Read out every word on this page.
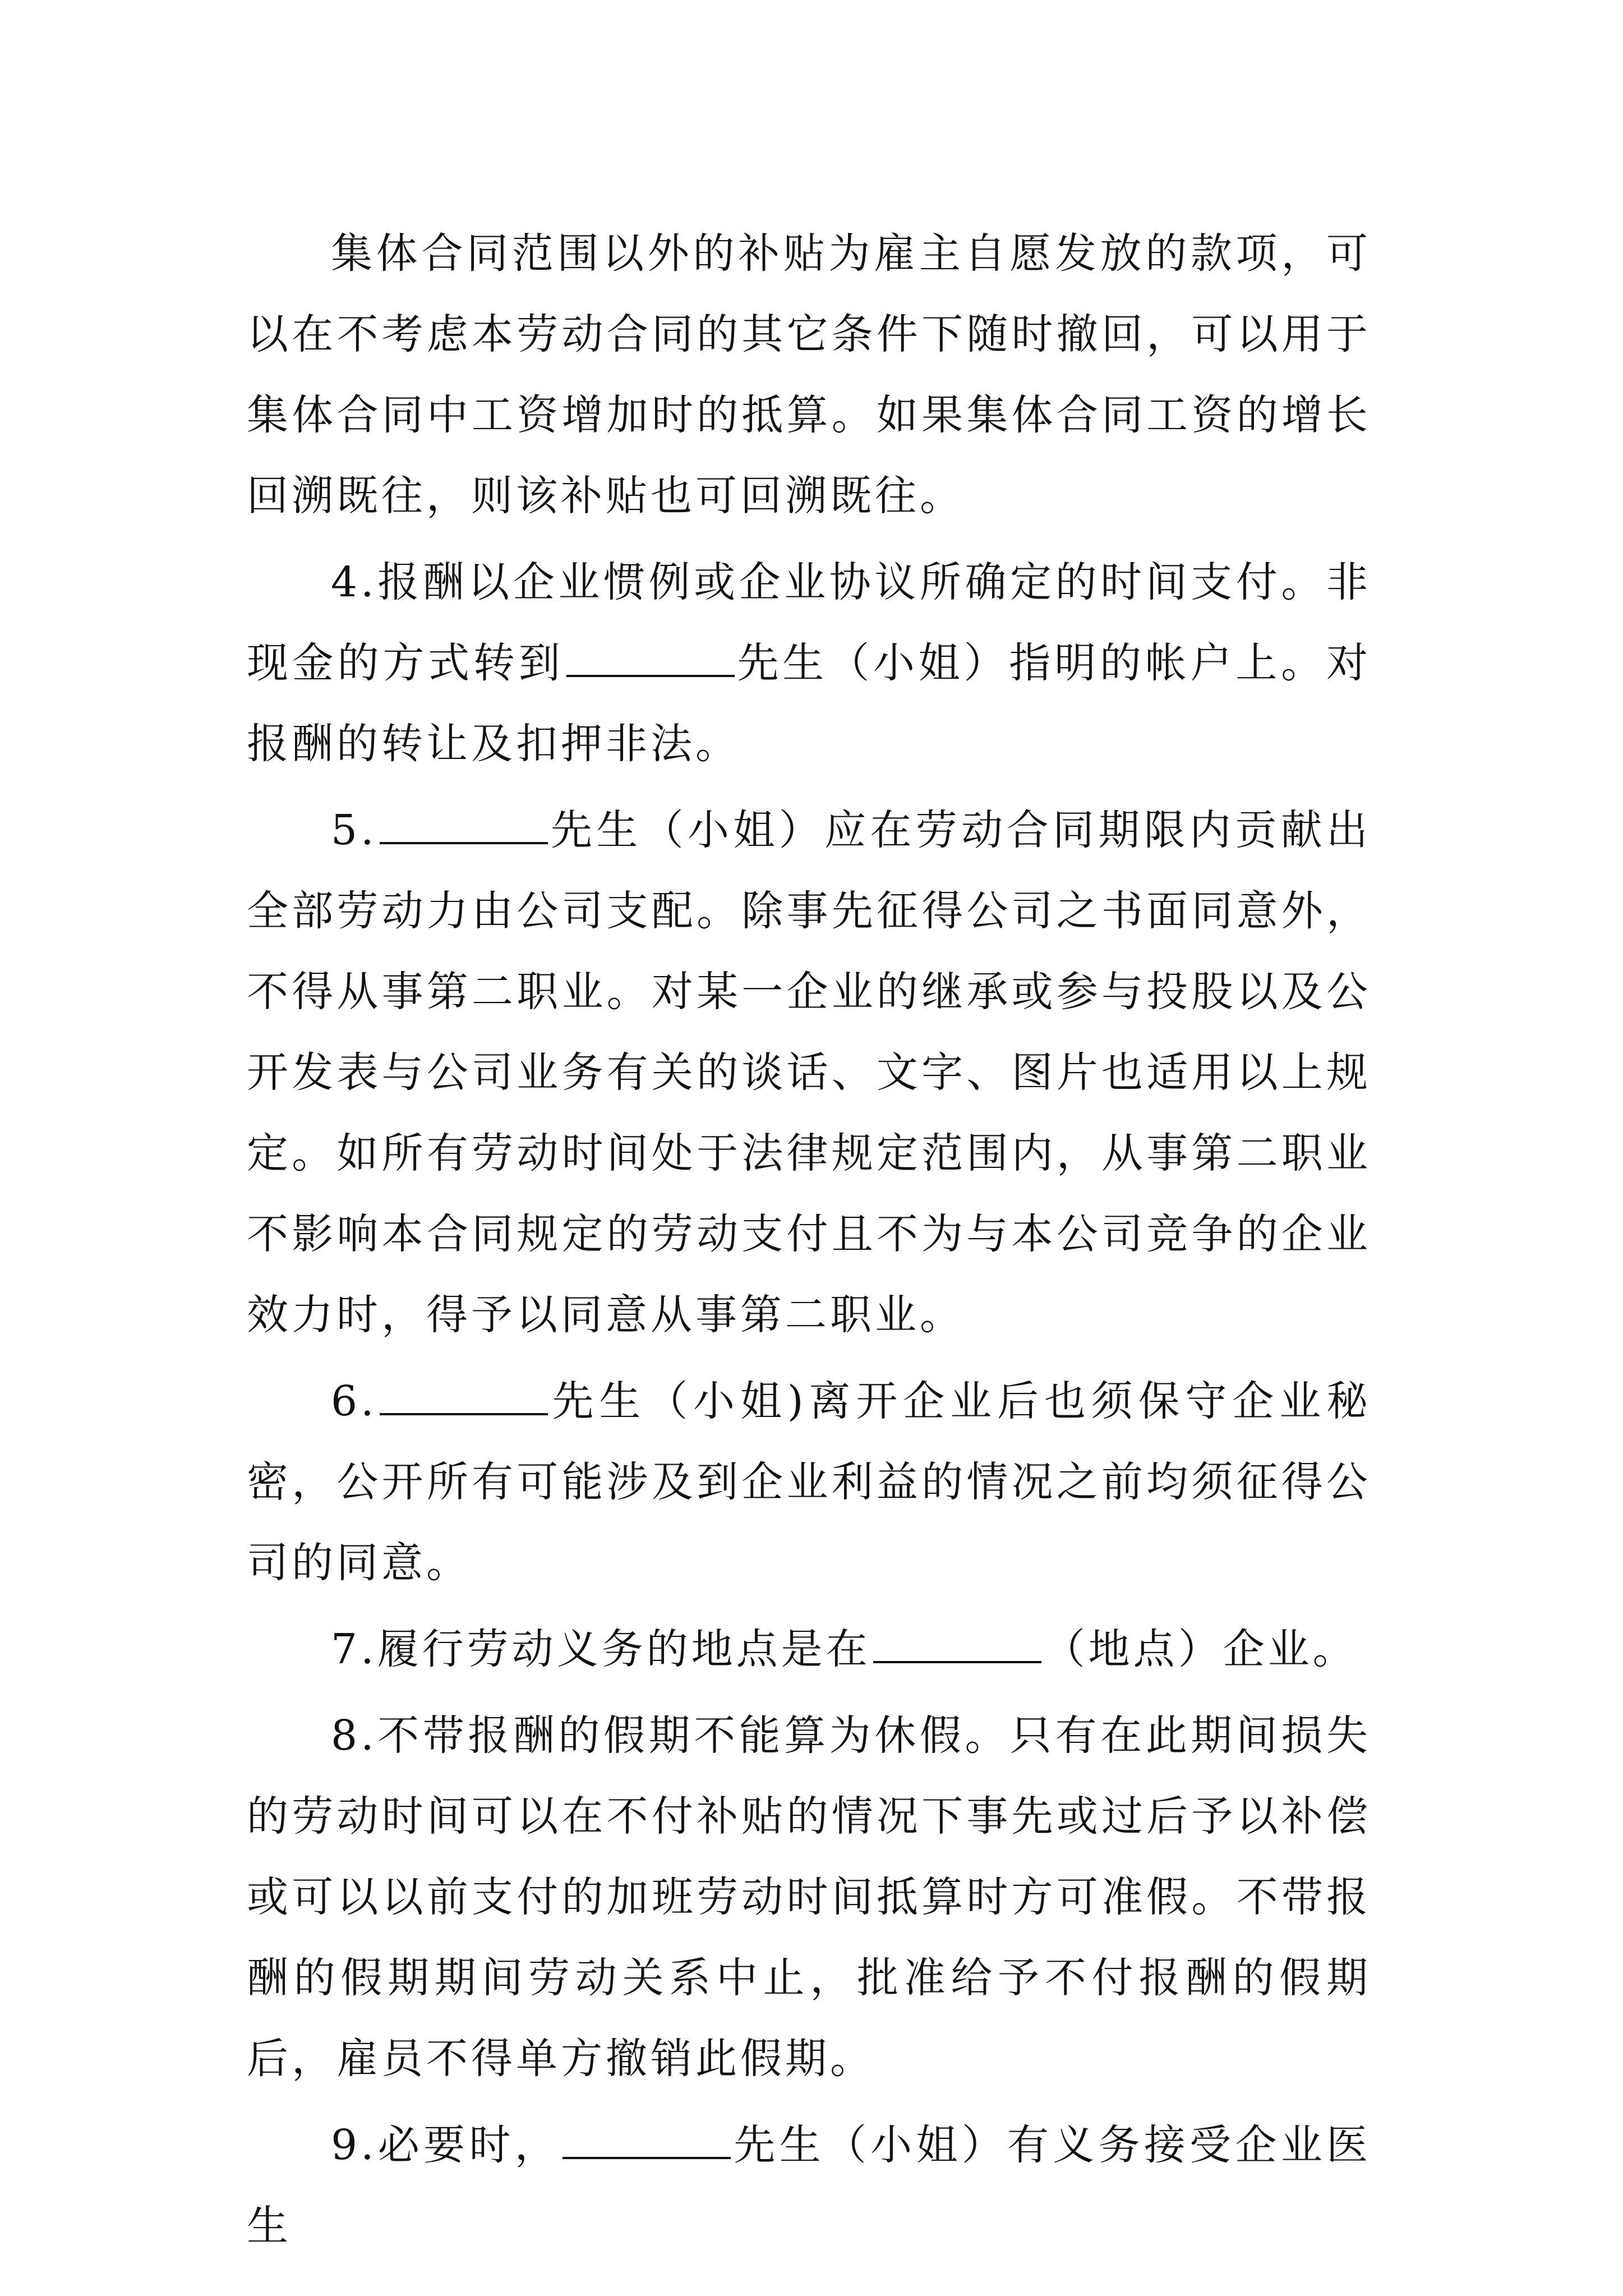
集体合同范围以外的补贴为雇主自愿发放的款项，可以在不考虑本劳动合同的其它条件下随时撤回，可以用于集体合同中工资增加时的抵算。如果集体合同工资的增长回溯既往，则该补贴也可回溯既往。

4.报酬以企业惯例或企业协议所确定的时间支付。非现金的方式转到	先生（小姐）指明的帐户上。对报酬的转让及扣押非法。

5.	先生（小姐）应在劳动合同期限内贡献出全部劳动力由公司支配。除事先征得公司之书面同意外，不得从事第二职业。对某一企业的继承或参与投股以及公开发表与公司业务有关的谈话、文字、图片也适用以上规定。如所有劳动时间处于法律规定范围内，从事第二职业不影响本合同规定的劳动支付且不为与本公司竞争的企业效力时，得予以同意从事第二职业。

6.	先生（小姐)离开企业后也须保守企业秘密，公开所有可能涉及到企业利益的情况之前均须征得公司的同意。

7.履行劳动义务的地点是在	（地点）企业。

8.不带报酬的假期不能算为休假。只有在此期间损失的劳动时间可以在不付补贴的情况下事先或过后予以补偿或可以以前支付的加班劳动时间抵算时方可准假。不带报酬的假期期间劳动关系中止，批准给予不付报酬的假期后，雇员不得单方撤销此假期。

9.必要时，	先生（小姐）有义务接受企业医生
